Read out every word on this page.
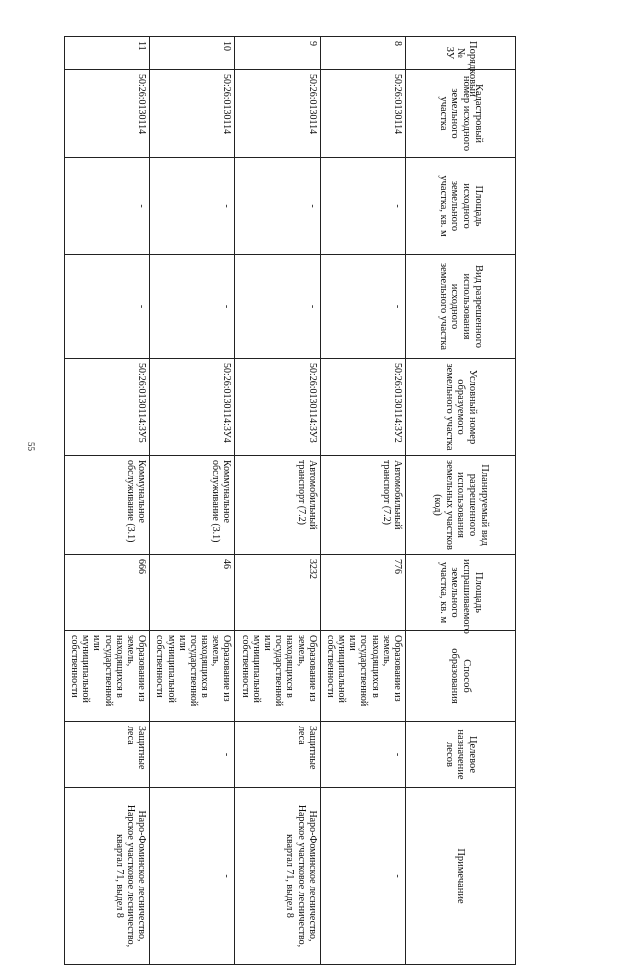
55
Порядковый № ЗУ	Кадастровый номер исходного земельного участка	Площадь исходного земельного участка, кв. м	Вид разрешенного использования исходного земельного участка	Условный номер образуемого земельного участка	Планируемый вид разрешенного использования земельных участков (код)	Площадь испрашиваемого земельного участка, кв. м	Способ образования	Целевое назначение лесов	Примечание
8	50:26:0130114	-	-	50:26:0130114:ЗУ2	Автомобильный транспорт (7.2)	776	Образование из земель, находящихся в государственной или муниципальной собственности	-	-
9	50:26:0130114	-	-	50:26:0130114:ЗУ3	Автомобильный транспорт (7.2)	3232	Образование из земель, находящихся в государственной или муниципальной собственности	Защитные леса	Наро-Фоминское лесничество, Нарское участковое лесничество, квартал 71, выдел 8
10	50:26:0130114	-	-	50:26:0130114:ЗУ4	Коммунальное обслуживание (3.1)	46	Образование из земель, находящихся в государственной или муниципальной собственности	-	-
11	50:26:0130114	-	-	50:26:0130114:ЗУ5	Коммунальное обслуживание (3.1)	666	Образование из земель, находящихся в государственной или муниципальной собственности	Защитные леса	Наро-Фоминское лесничество, Нарское участковое лесничество, квартал 71, выдел 8
